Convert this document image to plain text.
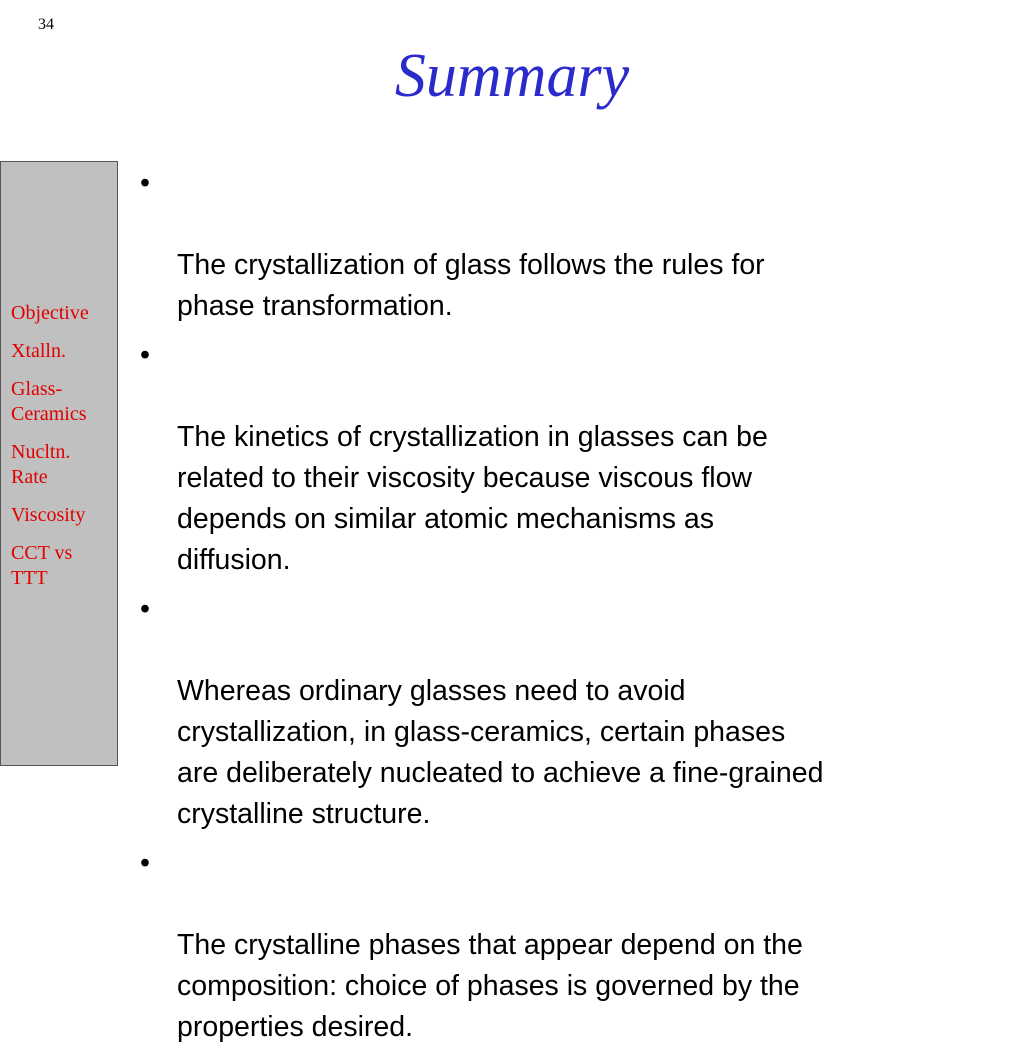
34
Summary
Objective
Xtalln.
Glass-
Ceramics
Nucltn.
Rate
Viscosity
CCT vs
TTT

•

The crystallization of glass follows the rules for
phase transformation.

•

The kinetics of crystallization in glasses can be
related to their viscosity because viscous flow
depends on similar atomic mechanisms as
diffusion.

•

Whereas ordinary glasses need to avoid
crystallization, in glass-ceramics, certain phases
are deliberately nucleated to achieve a fine-grained
crystalline structure.

•

The crystalline phases that appear depend on the
composition: choice of phases is governed by the
properties desired.
